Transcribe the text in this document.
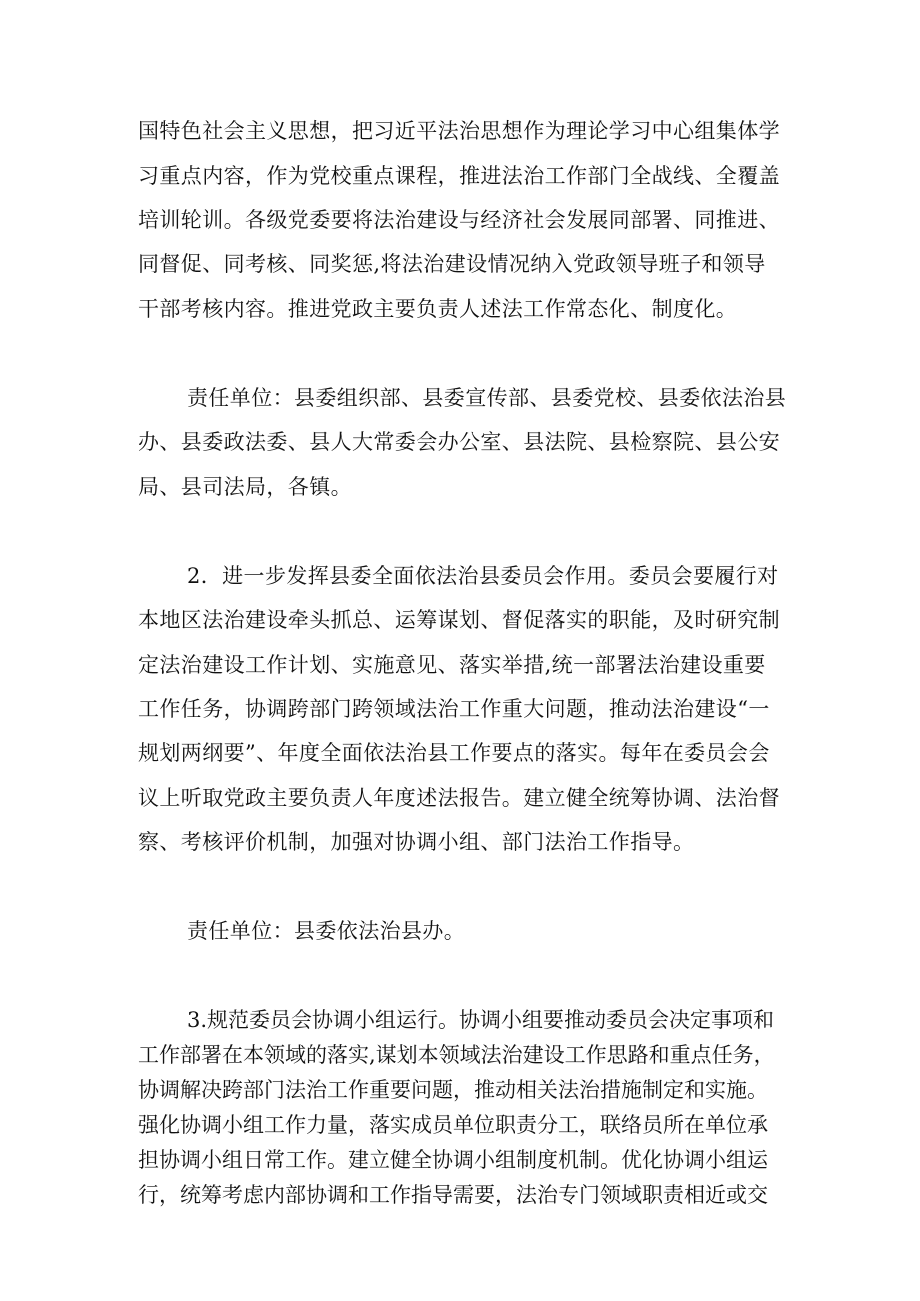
国特色社会主义思想，把习近平法治思想作为理论学习中心组集体学
习重点内容，作为党校重点课程，推进法治工作部门全战线、全覆盖
培训轮训。各级党委要将法治建设与经济社会发展同部署、同推进、
同督促、同考核、同奖惩,将法治建设情况纳入党政领导班子和领导
干部考核内容。推进党政主要负责人述法工作常态化、制度化。
责任单位：县委组织部、县委宣传部、县委党校、县委依法治县
办、县委政法委、县人大常委会办公室、县法院、县检察院、县公安
局、县司法局，各镇。
2．进一步发挥县委全面依法治县委员会作用。委员会要履行对
本地区法治建设牵头抓总、运筹谋划、督促落实的职能，及时研究制
定法治建设工作计划、实施意见、落实举措,统一部署法治建设重要
工作任务，协调跨部门跨领域法治工作重大问题，推动法治建设“一
规划两纲要”、年度全面依法治县工作要点的落实。每年在委员会会
议上听取党政主要负责人年度述法报告。建立健全统筹协调、法治督
察、考核评价机制，加强对协调小组、部门法治工作指导。
责任单位：县委依法治县办。
3.规范委员会协调小组运行。协调小组要推动委员会决定事项和
工作部署在本领域的落实,谋划本领域法治建设工作思路和重点任务，
协调解决跨部门法治工作重要问题，推动相关法治措施制定和实施。
强化协调小组工作力量，落实成员单位职责分工，联络员所在单位承
担协调小组日常工作。建立健全协调小组制度机制。优化协调小组运
行，统筹考虑内部协调和工作指导需要，法治专门领域职责相近或交
